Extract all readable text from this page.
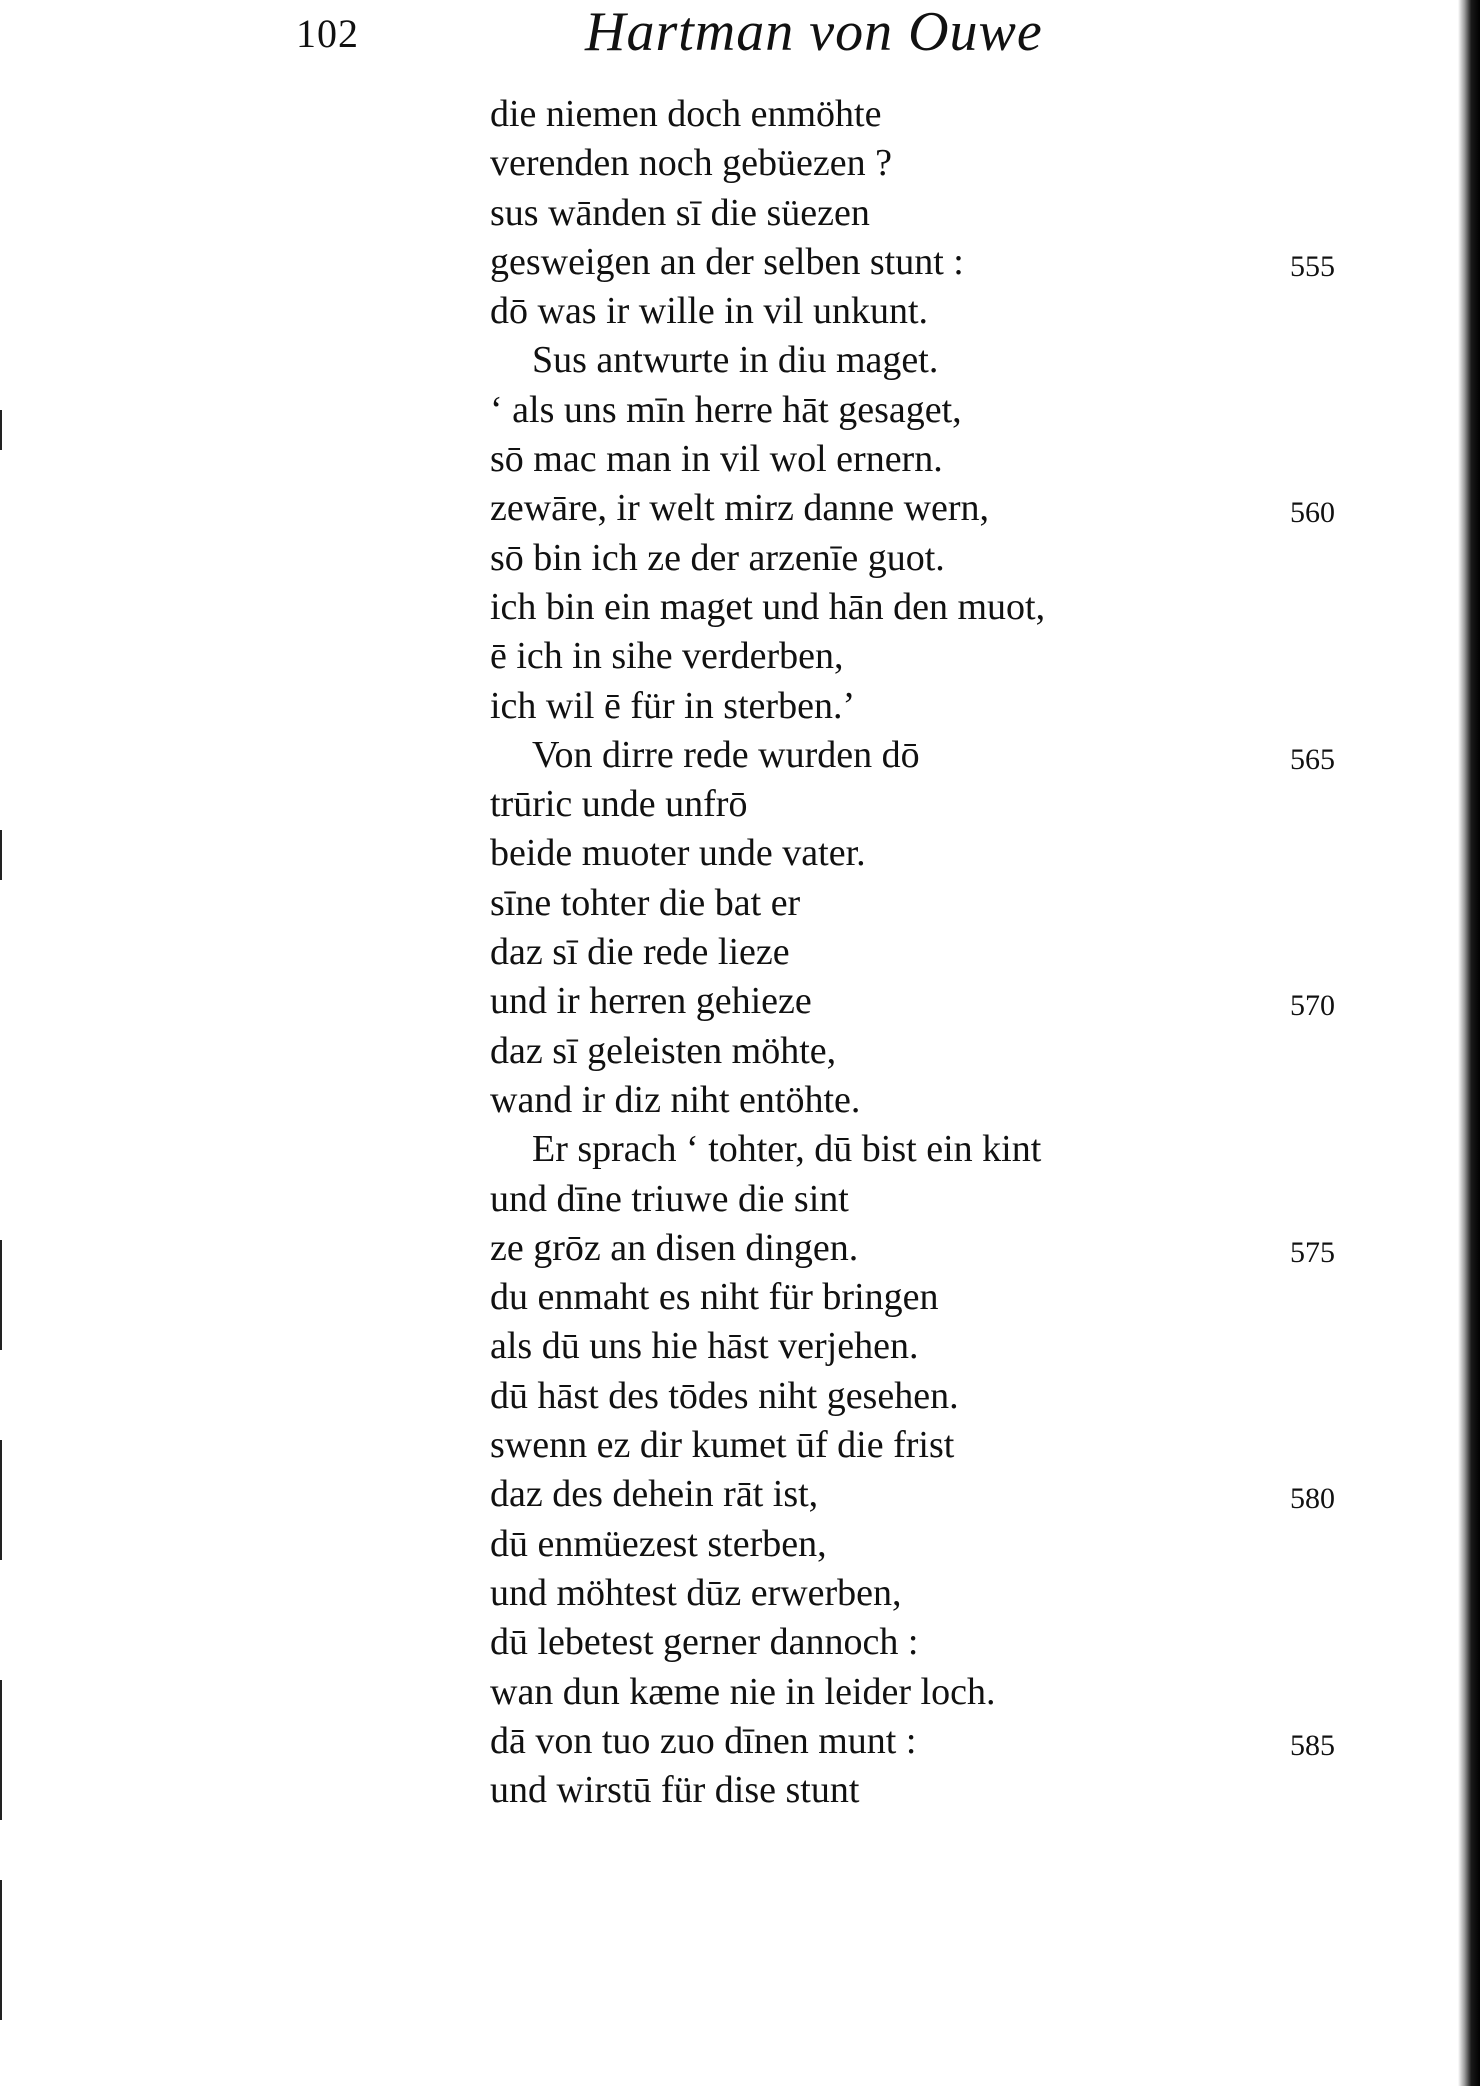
102	Hartman von Ouwe
die niemen doch enmöhte
verenden noch gebüezen ?
sus wānden sī die süezen
gesweigen an der selben stunt :	555
dō was ir wille in vil unkunt.
Sus antwurte in diu maget.
‘ als uns mīn herre hāt gesaget,
sō mac man in vil wol ernern.
zewāre, ir welt mirz danne wern,	560
sō bin ich ze der arzenīe guot.
ich bin ein maget und hān den muot,
ē ich in sihe verderben,
ich wil ē für in sterben.’
Von dirre rede wurden dō	565
trūric unde unfrō
beide muoter unde vater.
sīne tohter die bat er
daz sī die rede lieze
und ir herren gehieze	570
daz sī geleisten möhte,
wand ir diz niht entöhte.
Er sprach ‘ tohter, dū bist ein kint
und dīne triuwe die sint
ze grōz an disen dingen.	575
du enmaht es niht für bringen
als dū uns hie hāst verjehen.
dū hāst des tōdes niht gesehen.
swenn ez dir kumet ūf die frist
daz des dehein rāt ist,	580
dū enmüezest sterben,
und möhtest dūz erwerben,
dū lebetest gerner dannoch :
wan dun kæme nie in leider loch.
dā von tuo zuo dīnen munt :	585
und wirstū für dise stunt
